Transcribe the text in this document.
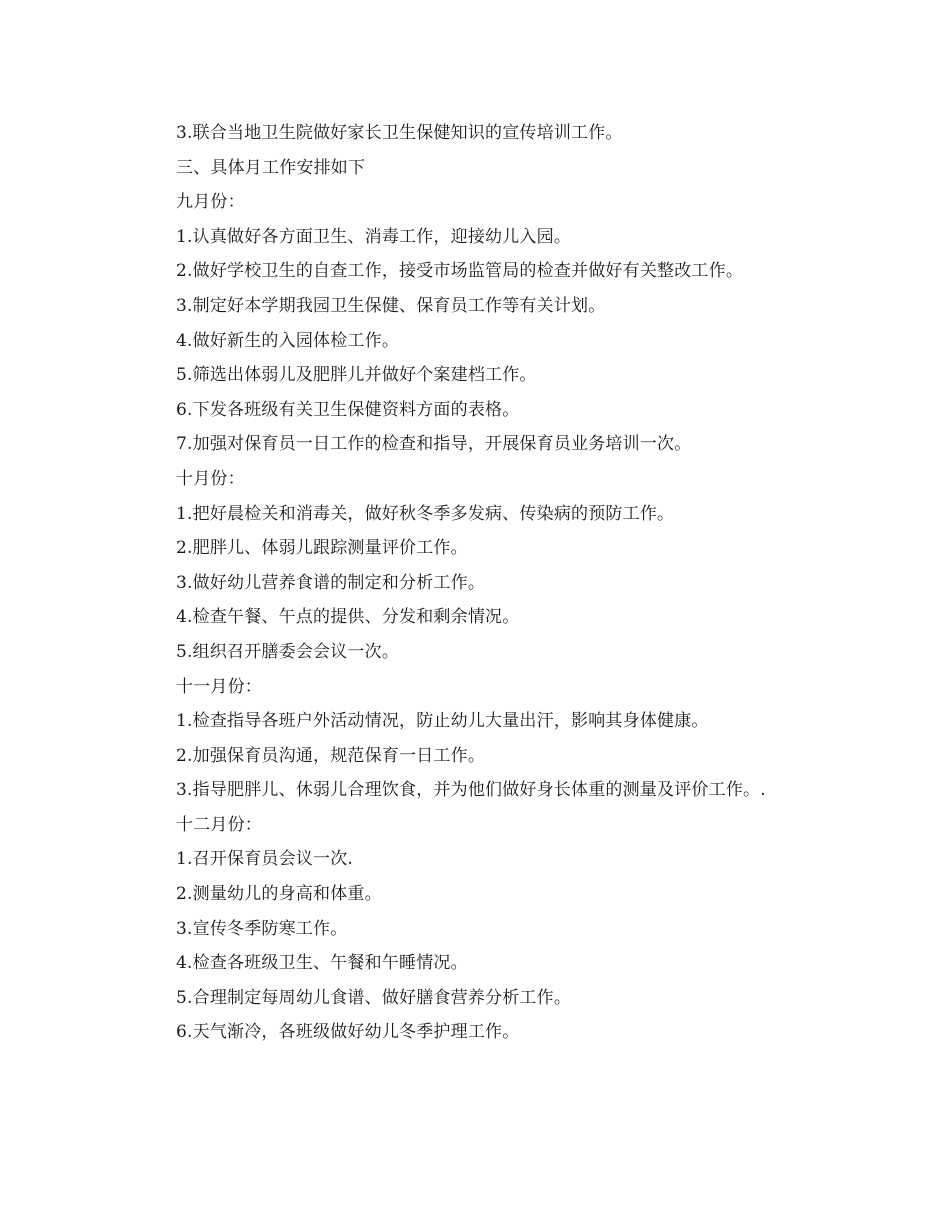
3.联合当地卫生院做好家长卫生保健知识的宣传培训工作。
三、具体月工作安排如下
九月份：
1.认真做好各方面卫生、消毒工作，迎接幼儿入园。
2.做好学校卫生的自查工作，接受市场监管局的检查并做好有关整改工作。
3.制定好本学期我园卫生保健、保育员工作等有关计划。
4.做好新生的入园体检工作。
5.筛选出体弱儿及肥胖儿并做好个案建档工作。
6.下发各班级有关卫生保健资料方面的表格。
7.加强对保育员一日工作的检查和指导，开展保育员业务培训一次。
十月份：
1.把好晨检关和消毒关，做好秋冬季多发病、传染病的预防工作。
2.肥胖儿、体弱儿跟踪测量评价工作。
3.做好幼儿营养食谱的制定和分析工作。
4.检查午餐、午点的提供、分发和剩余情况。
5.组织召开膳委会会议一次。
十一月份：
1.检查指导各班户外活动情况，防止幼儿大量出汗，影响其身体健康。
2.加强保育员沟通，规范保育一日工作。
3.指导肥胖儿、休弱儿合理饮食，并为他们做好身长体重的测量及评价工作。.
十二月份：
1.召开保育员会议一次.
2.测量幼儿的身高和体重。
3.宣传冬季防寒工作。
4.检查各班级卫生、午餐和午睡情况。
5.合理制定每周幼儿食谱、做好膳食营养分析工作。
6.天气渐冷，各班级做好幼儿冬季护理工作。
